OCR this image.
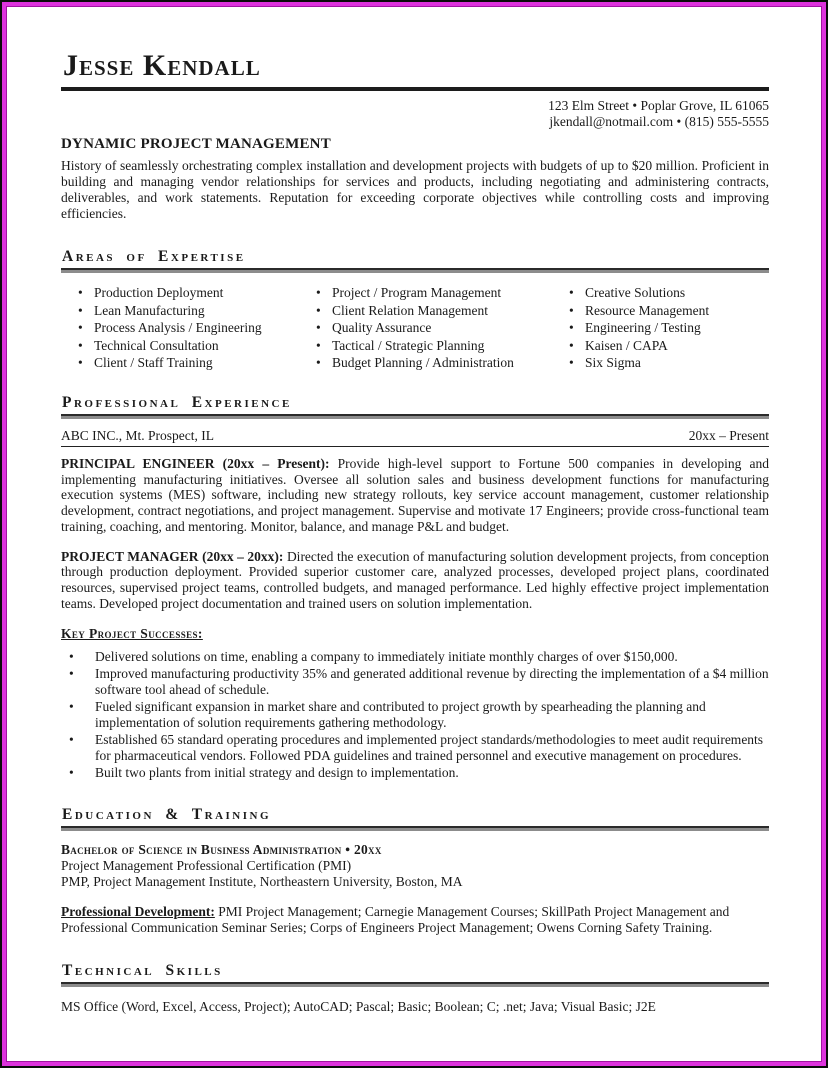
Jesse Kendall
123 Elm Street • Poplar Grove, IL 61065
jkendall@notmail.com • (815) 555-5555
DYNAMIC PROJECT MANAGEMENT

History of seamlessly orchestrating complex installation and development projects with budgets of up to $20 million. Proficient in building and managing vendor relationships for services and products, including negotiating and administering contracts, deliverables, and work statements. Reputation for exceeding corporate objectives while controlling costs and improving efficiencies.

Areas of Expertise
• Production Deployment
• Lean Manufacturing
• Process Analysis / Engineering
• Technical Consultation
• Client / Staff Training
• Project / Program Management
• Client Relation Management
• Quality Assurance
• Tactical / Strategic Planning
• Budget Planning / Administration
• Creative Solutions
• Resource Management
• Engineering / Testing
• Kaisen / CAPA
• Six Sigma
Professional Experience
ABC INC., Mt. Prospect, IL	20xx – Present

PRINCIPAL ENGINEER (20xx – Present): Provide high-level support to Fortune 500 companies in developing and implementing manufacturing initiatives. Oversee all solution sales and business development functions for manufacturing execution systems (MES) software, including new strategy rollouts, key service account management, customer relationship development, contract negotiations, and project management. Supervise and motivate 17 Engineers; provide cross-functional team training, coaching, and mentoring. Monitor, balance, and manage P&L and budget.

PROJECT MANAGER (20xx – 20xx): Directed the execution of manufacturing solution development projects, from conception through production deployment. Provided superior customer care, analyzed processes, developed project plans, coordinated resources, supervised project teams, controlled budgets, and managed performance. Led highly effective project implementation teams. Developed project documentation and trained users on solution implementation.

Key Project Successes:
• Delivered solutions on time, enabling a company to immediately initiate monthly charges of over $150,000.
• Improved manufacturing productivity 35% and generated additional revenue by directing the implementation of a $4 million software tool ahead of schedule.
• Fueled significant expansion in market share and contributed to project growth by spearheading the planning and implementation of solution requirements gathering methodology.
• Established 65 standard operating procedures and implemented project standards/methodologies to meet audit requirements for pharmaceutical vendors. Followed PDA guidelines and trained personnel and executive management on procedures.
• Built two plants from initial strategy and design to implementation.
Education & Training
Bachelor of Science in Business Administration • 20xx
Project Management Professional Certification (PMI)
PMP, Project Management Institute, Northeastern University, Boston, MA

Professional Development: PMI Project Management; Carnegie Management Courses; SkillPath Project Management and Professional Communication Seminar Series; Corps of Engineers Project Management; Owens Corning Safety Training.

Technical Skills
MS Office (Word, Excel, Access, Project); AutoCAD; Pascal; Basic; Boolean; C; .net; Java; Visual Basic; J2E
